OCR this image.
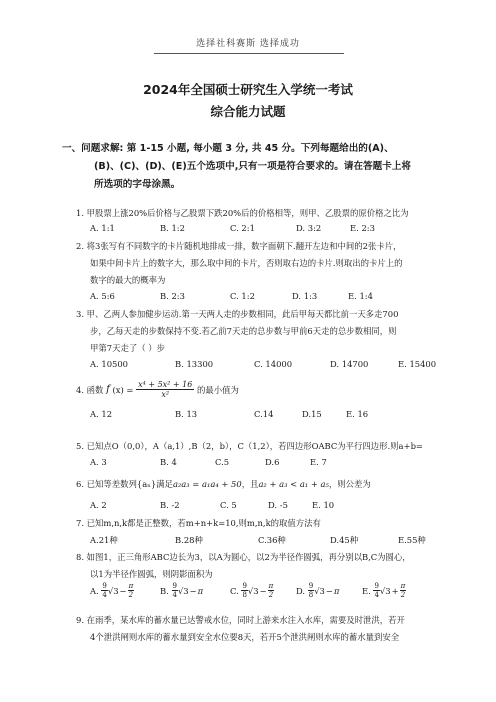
选择社科赛斯 选择成功
2024年全国硕士研究生入学统一考试
综合能力试题
一、问题求解: 第 1-15 小题, 每小题 3 分, 共 45 分。下列每题给出的(A)、
(B)、(C)、(D)、(E)五个选项中,只有一项是符合要求的。请在答题卡上将
所选项的字母涂黑。
1. 甲股票上涨20%后价格与乙股票下跌20%后的价格相等，则甲、乙股票的原价格之比为
A. 1:1	B. 1:2	C. 2:1	D. 3:2	E. 2:3
2. 将3张写有不同数字的卡片随机地排成一排，数字面朝下.翻开左边和中间的2张卡片，
如果中间卡片上的数字大，那么取中间的卡片，否则取右边的卡片.则取出的卡片上的
数字的最大的概率为
A. 5:6	B. 2:3	C. 1:2	D. 1:3	E. 1:4
3. 甲、乙两人参加健步运动.第一天两人走的步数相同，此后甲每天都比前一天多走700
步，乙每天走的步数保持不变.若乙前7天走的总步数与甲前6天走的总步数相同，则
甲第7天走了（ ）步
A. 10500	B. 13300	C. 14000	D. 14700	E. 15400
4. 函数 f $(x) = \frac{\text{x⁴ + 5x² + 16}}{\text{x²}}$ 的最小值为
A. 12	B. 13	C.14	D.15	E. 16
5. 已知点O（0,0），A（a,1）,B（2，b），C（1,2），若四边形OABC为平行四边形.则a+b=
A. 3	B. 4	C.5	D.6	E. 7
6. 已知等差数列{aₙ}满足a₂a₃ = a₁a₄ + 50，且a₂ + a₃ < a₁ + a₅，则公差为
A. 2	B. -2	C. 5	D. -5	E. 10
7. 已知m,n,k都是正整数，若m+n+k=10,则m,n,k的取值方法有
A.21种	B.28种	C.36种	D.45种	E.55种
8. 如图1，正三角形ABC边长为3，以A为圆心，以2为半径作圆弧，再分别以B,C为圆心，
以1为半径作圆弧，则阴影面积为
A. $\frac{9}{4}√3- \frac{\pi}{2}$	B. $\frac{9}{4}√3-\pi$	C. $\frac{9}{8}√3- \frac{\pi}{2}$	D. $\frac{9}{8}√3-\pi$	E. $\frac{9}{4}√3+ \frac{\pi}{2}$
9. 在雨季，某水库的蓄水量已达警戒水位，同时上游来水注入水库，需要及时泄洪，若开
4个泄洪闸则水库的蓄水量到安全水位要8天，若开5个泄洪闸则水库的蓄水量到安全
